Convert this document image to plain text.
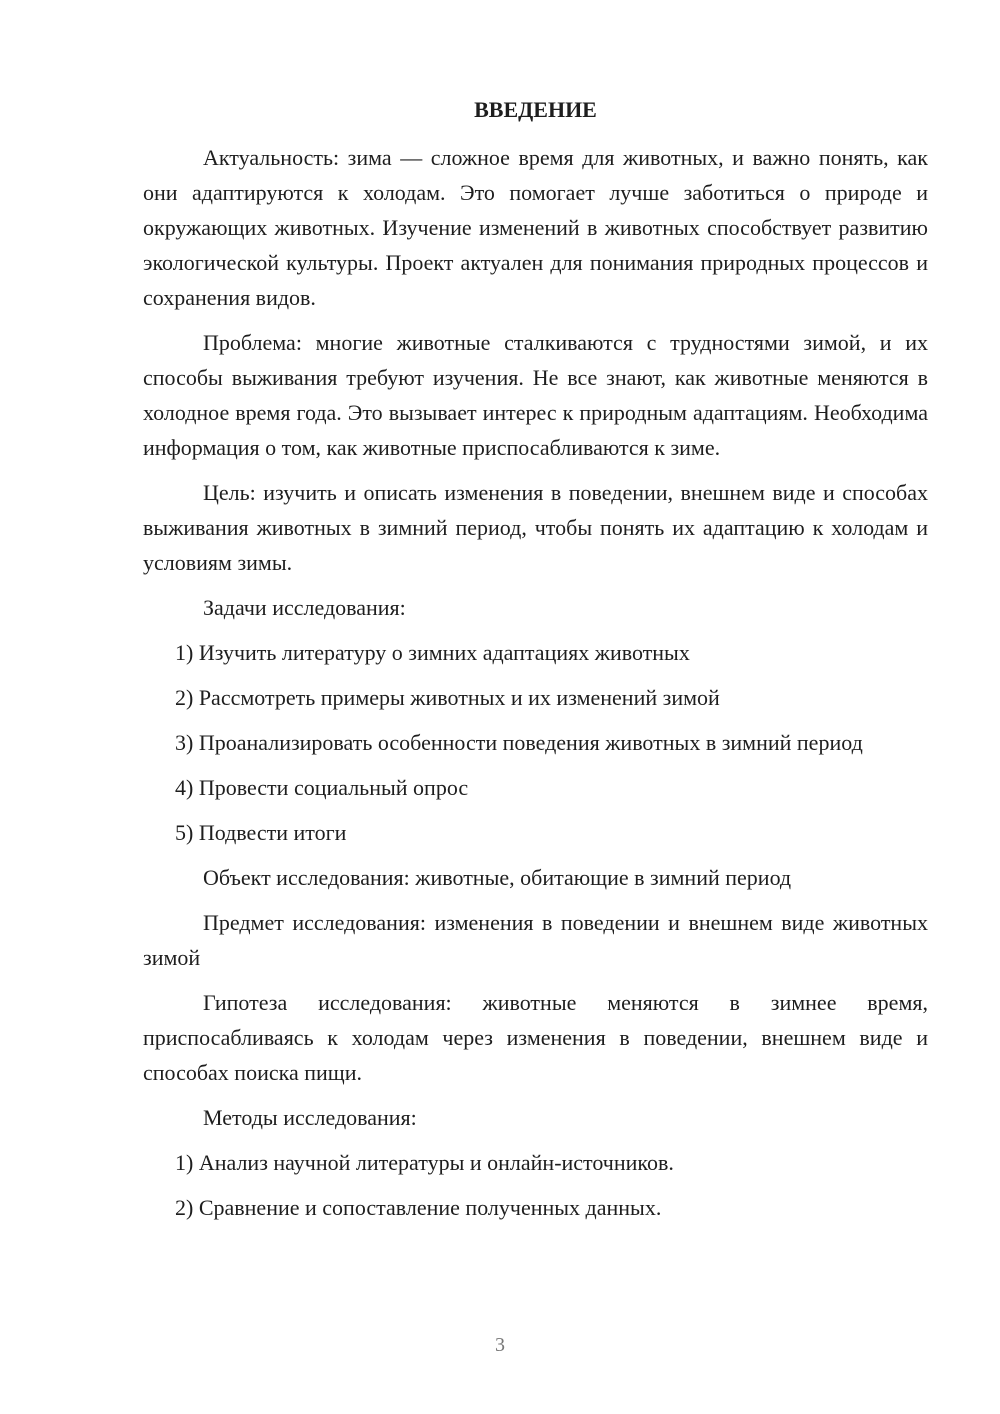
ВВЕДЕНИЕ

Актуальность: зима — сложное время для животных, и важно понять, как они адаптируются к холодам. Это помогает лучше заботиться о природе и окружающих животных. Изучение изменений в животных способствует развитию экологической культуры. Проект актуален для понимания природных процессов и сохранения видов.

Проблема: многие животные сталкиваются с трудностями зимой, и их способы выживания требуют изучения. Не все знают, как животные меняются в холодное время года. Это вызывает интерес к природным адаптациям. Необходима информация о том, как животные приспосабливаются к зиме.

Цель: изучить и описать изменения в поведении, внешнем виде и способах выживания животных в зимний период, чтобы понять их адаптацию к холодам и условиям зимы.

Задачи исследования:

1) Изучить литературу о зимних адаптациях животных

2) Рассмотреть примеры животных и их изменений зимой

3) Проанализировать особенности поведения животных в зимний период

4) Провести социальный опрос

5) Подвести итоги

Объект исследования: животные, обитающие в зимний период

Предмет исследования: изменения в поведении и внешнем виде животных зимой

Гипотеза исследования: животные меняются в зимнее время, приспосабливаясь к холодам через изменения в поведении, внешнем виде и способах поиска пищи.

Методы исследования:

1) Анализ научной литературы и онлайн-источников.

2) Сравнение и сопоставление полученных данных.

3
